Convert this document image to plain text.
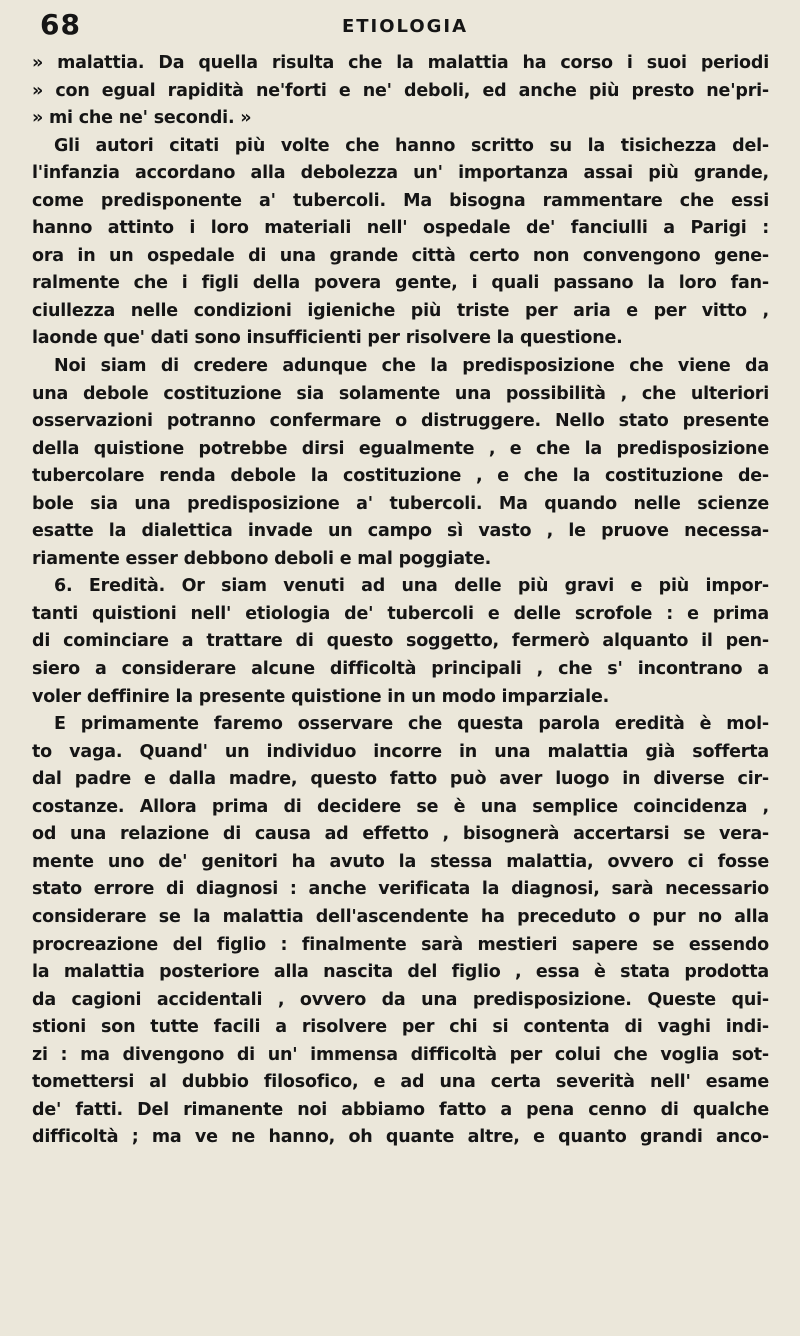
68	ETIOLOGIA
» malattia. Da quella risulta che la malattia ha corso i suoi periodi
» con egual rapidità ne'forti e ne' deboli, ed anche più presto ne'pri-
» mi che ne' secondi. »
Gli autori citati più volte che hanno scritto su la tisichezza del-
l'infanzia accordano alla debolezza un' importanza assai più grande,
come predisponente a' tubercoli. Ma bisogna rammentare che essi
hanno attinto i loro materiali nell' ospedale de' fanciulli a Parigi :
ora in un ospedale di una grande città certo non convengono gene-
ralmente che i figli della povera gente, i quali passano la loro fan-
ciullezza nelle condizioni igieniche più triste per aria e per vitto ,
laonde que' dati sono insufficienti per risolvere la questione.
Noi siam di credere adunque che la predisposizione che viene da
una debole costituzione sia solamente una possibilità , che ulteriori
osservazioni potranno confermare o distruggere. Nello stato presente
della quistione potrebbe dirsi egualmente , e che la predisposizione
tubercolare renda debole la costituzione , e che la costituzione de-
bole sia una predisposizione a' tubercoli. Ma quando nelle scienze
esatte la dialettica invade un campo sì vasto , le pruove necessa-
riamente esser debbono deboli e mal poggiate.
6. Eredità. Or siam venuti ad una delle più gravi e più impor-
tanti quistioni nell' etiologia de' tubercoli e delle scrofole : e prima
di cominciare a trattare di questo soggetto, fermerò alquanto il pen-
siero a considerare alcune difficoltà principali , che s' incontrano a
voler deffinire la presente quistione in un modo imparziale.
E primamente faremo osservare che questa parola eredità è mol-
to vaga. Quand' un individuo incorre in una malattia già sofferta
dal padre e dalla madre, questo fatto può aver luogo in diverse cir-
costanze. Allora prima di decidere se è una semplice coincidenza ,
od una relazione di causa ad effetto , bisognerà accertarsi se vera-
mente uno de' genitori ha avuto la stessa malattia, ovvero ci fosse
stato errore di diagnosi : anche verificata la diagnosi, sarà necessario
considerare se la malattia dell'ascendente ha preceduto o pur no alla
procreazione del figlio : finalmente sarà mestieri sapere se essendo
la malattia posteriore alla nascita del figlio , essa è stata prodotta
da cagioni accidentali , ovvero da una predisposizione. Queste qui-
stioni son tutte facili a risolvere per chi si contenta di vaghi indi-
zi : ma divengono di un' immensa difficoltà per colui che voglia sot-
tomettersi al dubbio filosofico, e ad una certa severità nell' esame
de' fatti. Del rimanente noi abbiamo fatto a pena cenno di qualche
difficoltà ; ma ve ne hanno, oh quante altre, e quanto grandi anco-
